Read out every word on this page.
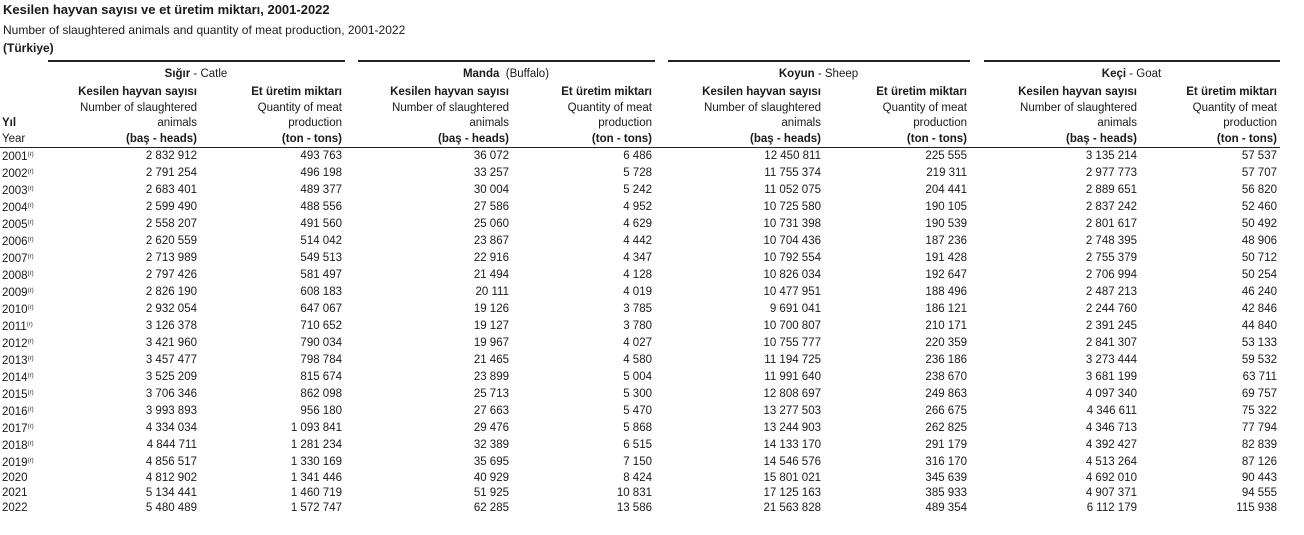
Kesilen hayvan sayısı ve et üretim miktarı, 2001-2022
Number of slaughtered animals and quantity of meat production, 2001-2022
(Türkiye)
	Sığır - Catle			Manda (Buffalo)			Koyun - Sheep			Keçi - Goat	
	Kesilen hayvan sayısı	Et üretim miktarı		Kesilen hayvan sayısı	Et üretim miktarı		Kesilen hayvan sayısı	Et üretim miktarı		Kesilen hayvan sayısı	Et üretim miktarı
	Number of slaughtered	Quantity of meat		Number of slaughtered	Quantity of meat		Number of slaughtered	Quantity of meat		Number of slaughtered	Quantity of meat
Yıl	animals	production		animals	production		animals	production		animals	production
Year	(baş - heads)	(ton - tons)		(baş - heads)	(ton - tons)		(baş - heads)	(ton - tons)		(baş - heads)	(ton - tons)
2001$^{(r)}$	2 832 912	493 763		36 072	6 486		12 450 811	225 555		3 135 214	57 537
2002$^{(r)}$	2 791 254	496 198		33 257	5 728		11 755 374	219 311		2 977 773	57 707
2003$^{(r)}$	2 683 401	489 377		30 004	5 242		11 052 075	204 441		2 889 651	56 820
2004$^{(r)}$	2 599 490	488 556		27 586	4 952		10 725 580	190 105		2 837 242	52 460
2005$^{(r)}$	2 558 207	491 560		25 060	4 629		10 731 398	190 539		2 801 617	50 492
2006$^{(r)}$	2 620 559	514 042		23 867	4 442		10 704 436	187 236		2 748 395	48 906
2007$^{(r)}$	2 713 989	549 513		22 916	4 347		10 792 554	191 428		2 755 379	50 712
2008$^{(r)}$	2 797 426	581 497		21 494	4 128		10 826 034	192 647		2 706 994	50 254
2009$^{(r)}$	2 826 190	608 183		20 111	4 019		10 477 951	188 496		2 487 213	46 240
2010$^{(r)}$	2 932 054	647 067		19 126	3 785		9 691 041	186 121		2 244 760	42 846
2011$^{(r)}$	3 126 378	710 652		19 127	3 780		10 700 807	210 171		2 391 245	44 840
2012$^{(r)}$	3 421 960	790 034		19 967	4 027		10 755 777	220 359		2 841 307	53 133
2013$^{(r)}$	3 457 477	798 784		21 465	4 580		11 194 725	236 186		3 273 444	59 532
2014$^{(r)}$	3 525 209	815 674		23 899	5 004		11 991 640	238 670		3 681 199	63 711
2015$^{(r)}$	3 706 346	862 098		25 713	5 300		12 808 697	249 863		4 097 340	69 757
2016$^{(r)}$	3 993 893	956 180		27 663	5 470		13 277 503	266 675		4 346 611	75 322
2017$^{(r)}$	4 334 034	1 093 841		29 476	5 868		13 244 903	262 825		4 346 713	77 794
2018$^{(r)}$	4 844 711	1 281 234		32 389	6 515		14 133 170	291 179		4 392 427	82 839
2019$^{(r)}$	4 856 517	1 330 169		35 695	7 150		14 546 576	316 170		4 513 264	87 126
2020	4 812 902	1 341 446		40 929	8 424		15 801 021	345 639		4 692 010	90 443
2021	5 134 441	1 460 719		51 925	10 831		17 125 163	385 933		4 907 371	94 555
2022	5 480 489	1 572 747		62 285	13 586		21 563 828	489 354		6 112 179	115 938
